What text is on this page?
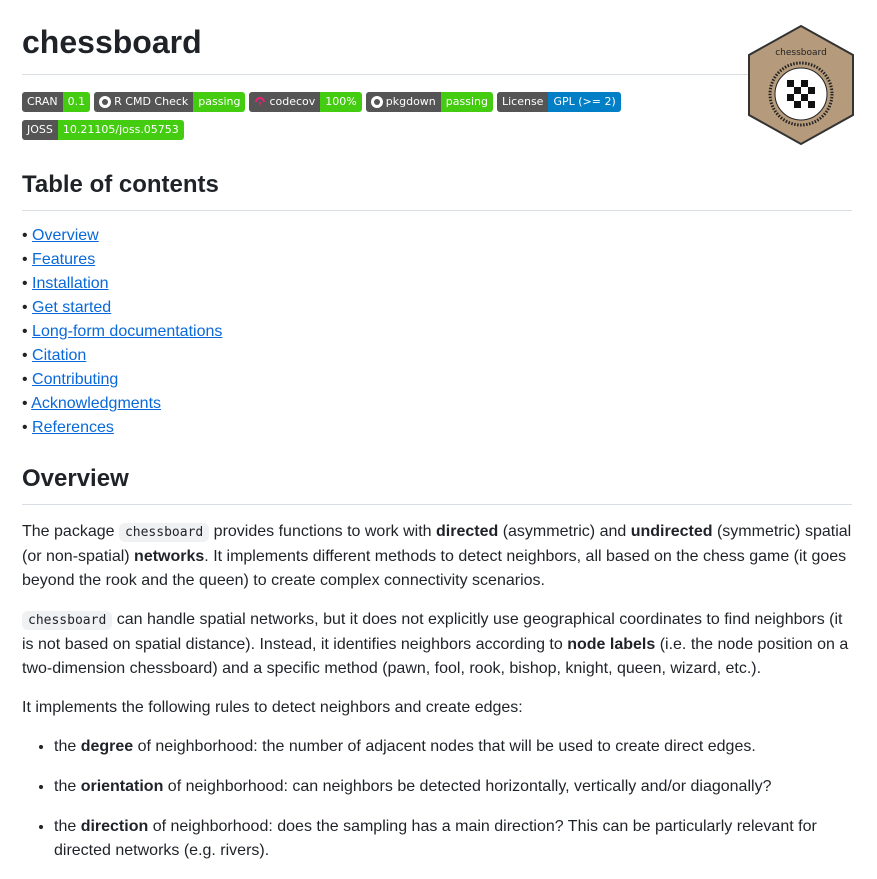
chessboard
CRAN 0.1	R CMD Check passing	codecov 100%	pkgdown passing	License GPL (>= 2)
JOSS 10.21105/joss.05753
chessboard
Table of contents
• Overview
• Features
• Installation
• Get started
• Long-form documentations
• Citation
• Contributing
• Acknowledgments
• References
Overview

The package chessboard provides functions to work with directed (asymmetric) and undirected (symmetric) spatial (or non-spatial) networks. It implements different methods to detect neighbors, all based on the chess game (it goes beyond the rook and the queen) to create complex connectivity scenarios.

chessboard can handle spatial networks, but it does not explicitly use geographical coordinates to find neighbors (it is not based on spatial distance). Instead, it identifies neighbors according to node labels (i.e. the node position on a two-dimension chessboard) and a specific method (pawn, fool, rook, bishop, knight, queen, wizard, etc.).

It implements the following rules to detect neighbors and create edges:

• the degree of neighborhood: the number of adjacent nodes that will be used to create direct edges.
• the orientation of neighborhood: can neighbors be detected horizontally, vertically and/or diagonally?
• the direction of neighborhood: does the sampling has a main direction? This can be particularly relevant for directed networks (e.g. rivers).
